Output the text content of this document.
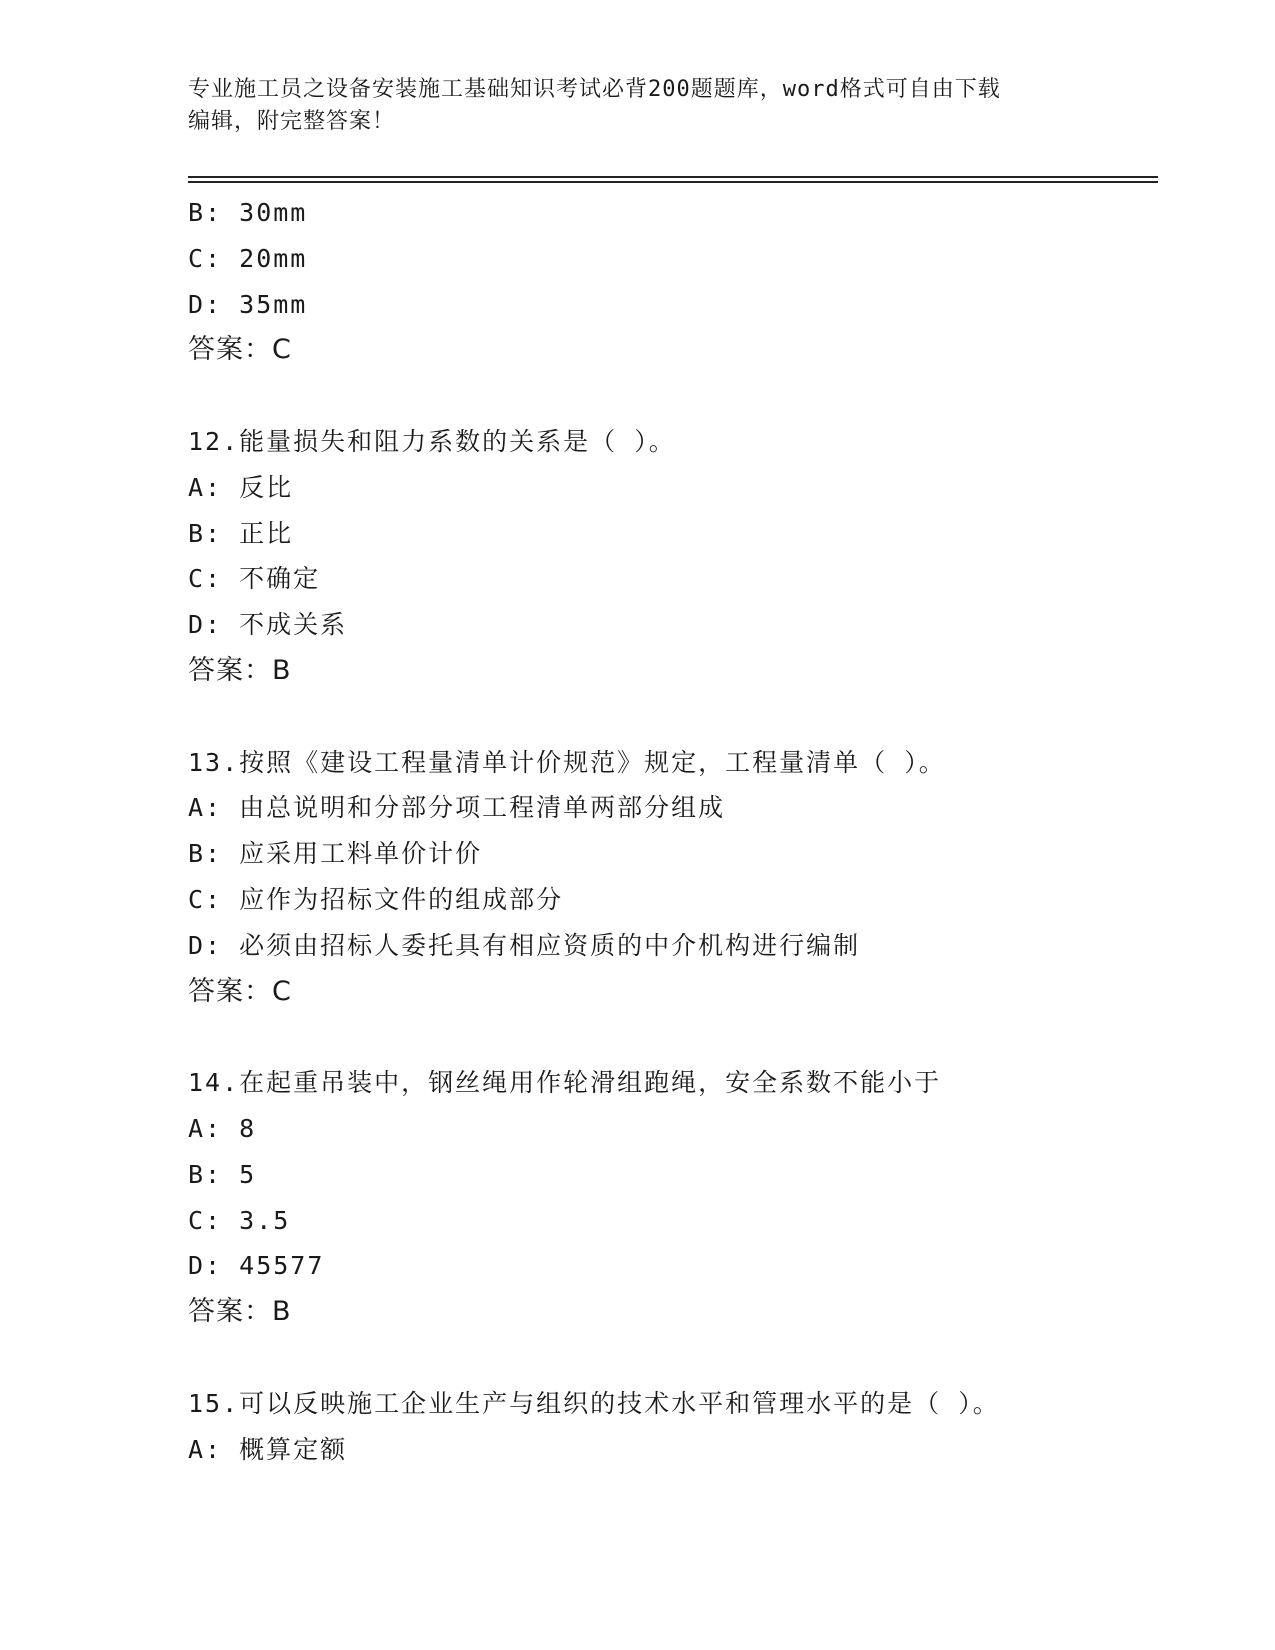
专业施工员之设备安装施工基础知识考试必背200题题库，word格式可自由下载
编辑，附完整答案！
B: 30mm
C: 20mm
D: 35mm
答案：C
12.能量损失和阻力系数的关系是（ ）。
A: 反比
B: 正比
C: 不确定
D: 不成关系
答案：B
13.按照《建设工程量清单计价规范》规定，工程量清单（ ）。
A: 由总说明和分部分项工程清单两部分组成
B: 应采用工料单价计价
C: 应作为招标文件的组成部分
D: 必须由招标人委托具有相应资质的中介机构进行编制
答案：C
14.在起重吊装中，钢丝绳用作轮滑组跑绳，安全系数不能小于
A: 8
B: 5
C: 3.5
D: 45577
答案：B
15.可以反映施工企业生产与组织的技术水平和管理水平的是（ ）。
A: 概算定额
